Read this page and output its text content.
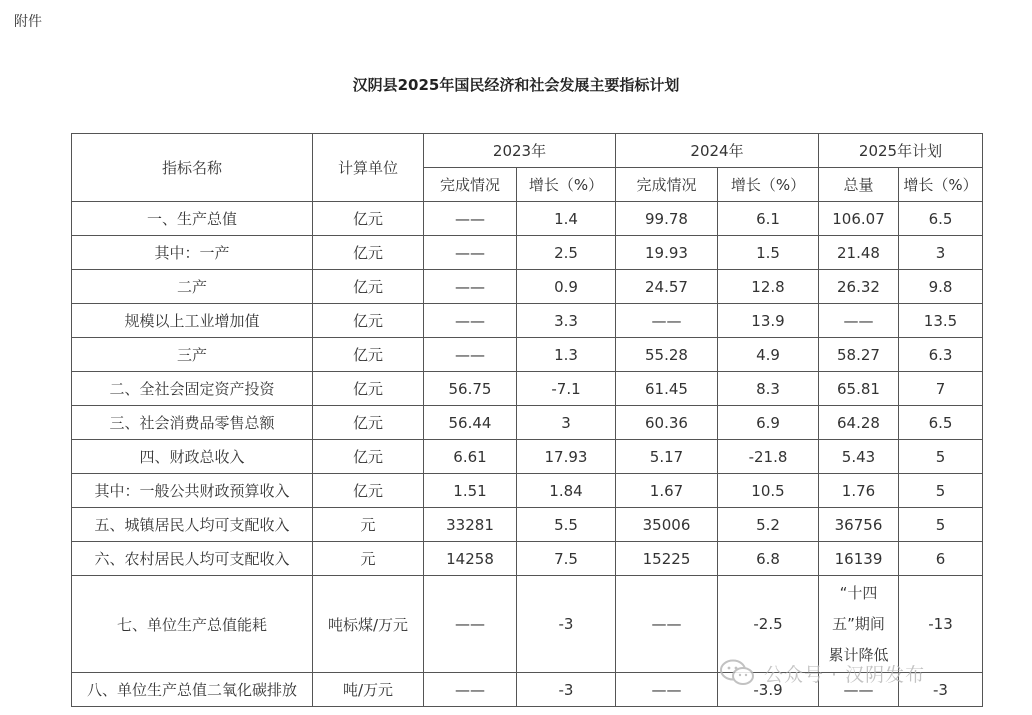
附件
汉阴县2025年国民经济和社会发展主要指标计划
指标名称	计算单位	2023年		2024年		2025年计划	
		完成情况	增长（%）	完成情况	增长（%）	总量	增长（%）
一、生产总值	亿元	——	1.4	99.78	6.1	106.07	6.5
其中：一产	亿元	——	2.5	19.93	1.5	21.48	3
二产	亿元	——	0.9	24.57	12.8	26.32	9.8
规模以上工业增加值	亿元	——	3.3	——	13.9	——	13.5
三产	亿元	——	1.3	55.28	4.9	58.27	6.3
二、全社会固定资产投资	亿元	56.75	-7.1	61.45	8.3	65.81	7
三、社会消费品零售总额	亿元	56.44	3	60.36	6.9	64.28	6.5
四、财政总收入	亿元	6.61	17.93	5.17	-21.8	5.43	5
其中：一般公共财政预算收入	亿元	1.51	1.84	1.67	10.5	1.76	5
五、城镇居民人均可支配收入	元	33281	5.5	35006	5.2	36756	5
六、农村居民人均可支配收入	元	14258	7.5	15225	6.8	16139	6
七、单位生产总值能耗	吨标煤/万元	——	-3	——	-2.5	“十四五”期间累计降低	-13
八、单位生产总值二氧化碳排放	吨/万元	——	-3	——	-3.9	——	-3
公众号 · 汉阴发布
